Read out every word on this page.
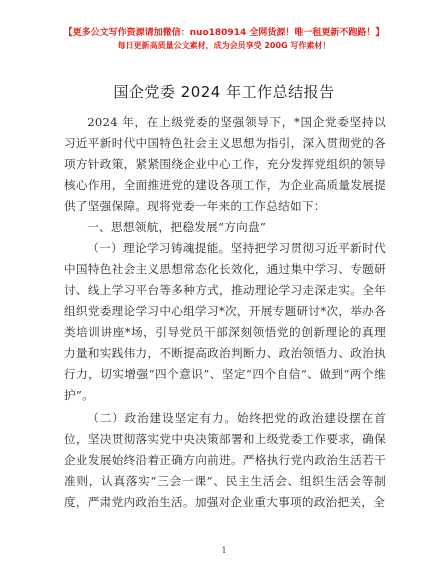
【更多公文写作资源请加微信：nuo180914 全网货源！唯一租更新不跑路！】
每日更新高质量公文素材，成为会员享受 200G 写作素材！
国企党委 2024 年工作总结报告

2024 年，在上级党委的坚强领导下，*国企党委坚持以习近平新时代中国特色社会主义思想为指引，深入贯彻党的各项方针政策，紧紧围绕企业中心工作，充分发挥党组织的领导核心作用，全面推进党的建设各项工作，为企业高质量发展提供了坚强保障。现将党委一年来的工作总结如下：

一、思想领航，把稳发展“方向盘”

（一）理论学习铸魂提能。坚持把学习贯彻习近平新时代中国特色社会主义思想常态化长效化，通过集中学习、专题研讨、线上学习平台等多种方式，推动理论学习走深走实。全年组织党委理论学习中心组学习*次，开展专题研讨*次，举办各类培训讲座*场，引导党员干部深刻领悟党的创新理论的真理力量和实践伟力，不断提高政治判断力、政治领悟力、政治执行力，切实增强“四个意识”、坚定“四个自信”、做到“两个维护”。

（二）政治建设坚定有力。始终把党的政治建设摆在首位，坚决贯彻落实党中央决策部署和上级党委工作要求，确保企业发展始终沿着正确方向前进。严格执行党内政治生活若干准则，认真落实“三会一课”、民主生活会、组织生活会等制度，严肃党内政治生活。加强对企业重大事项的政治把关，全

1
